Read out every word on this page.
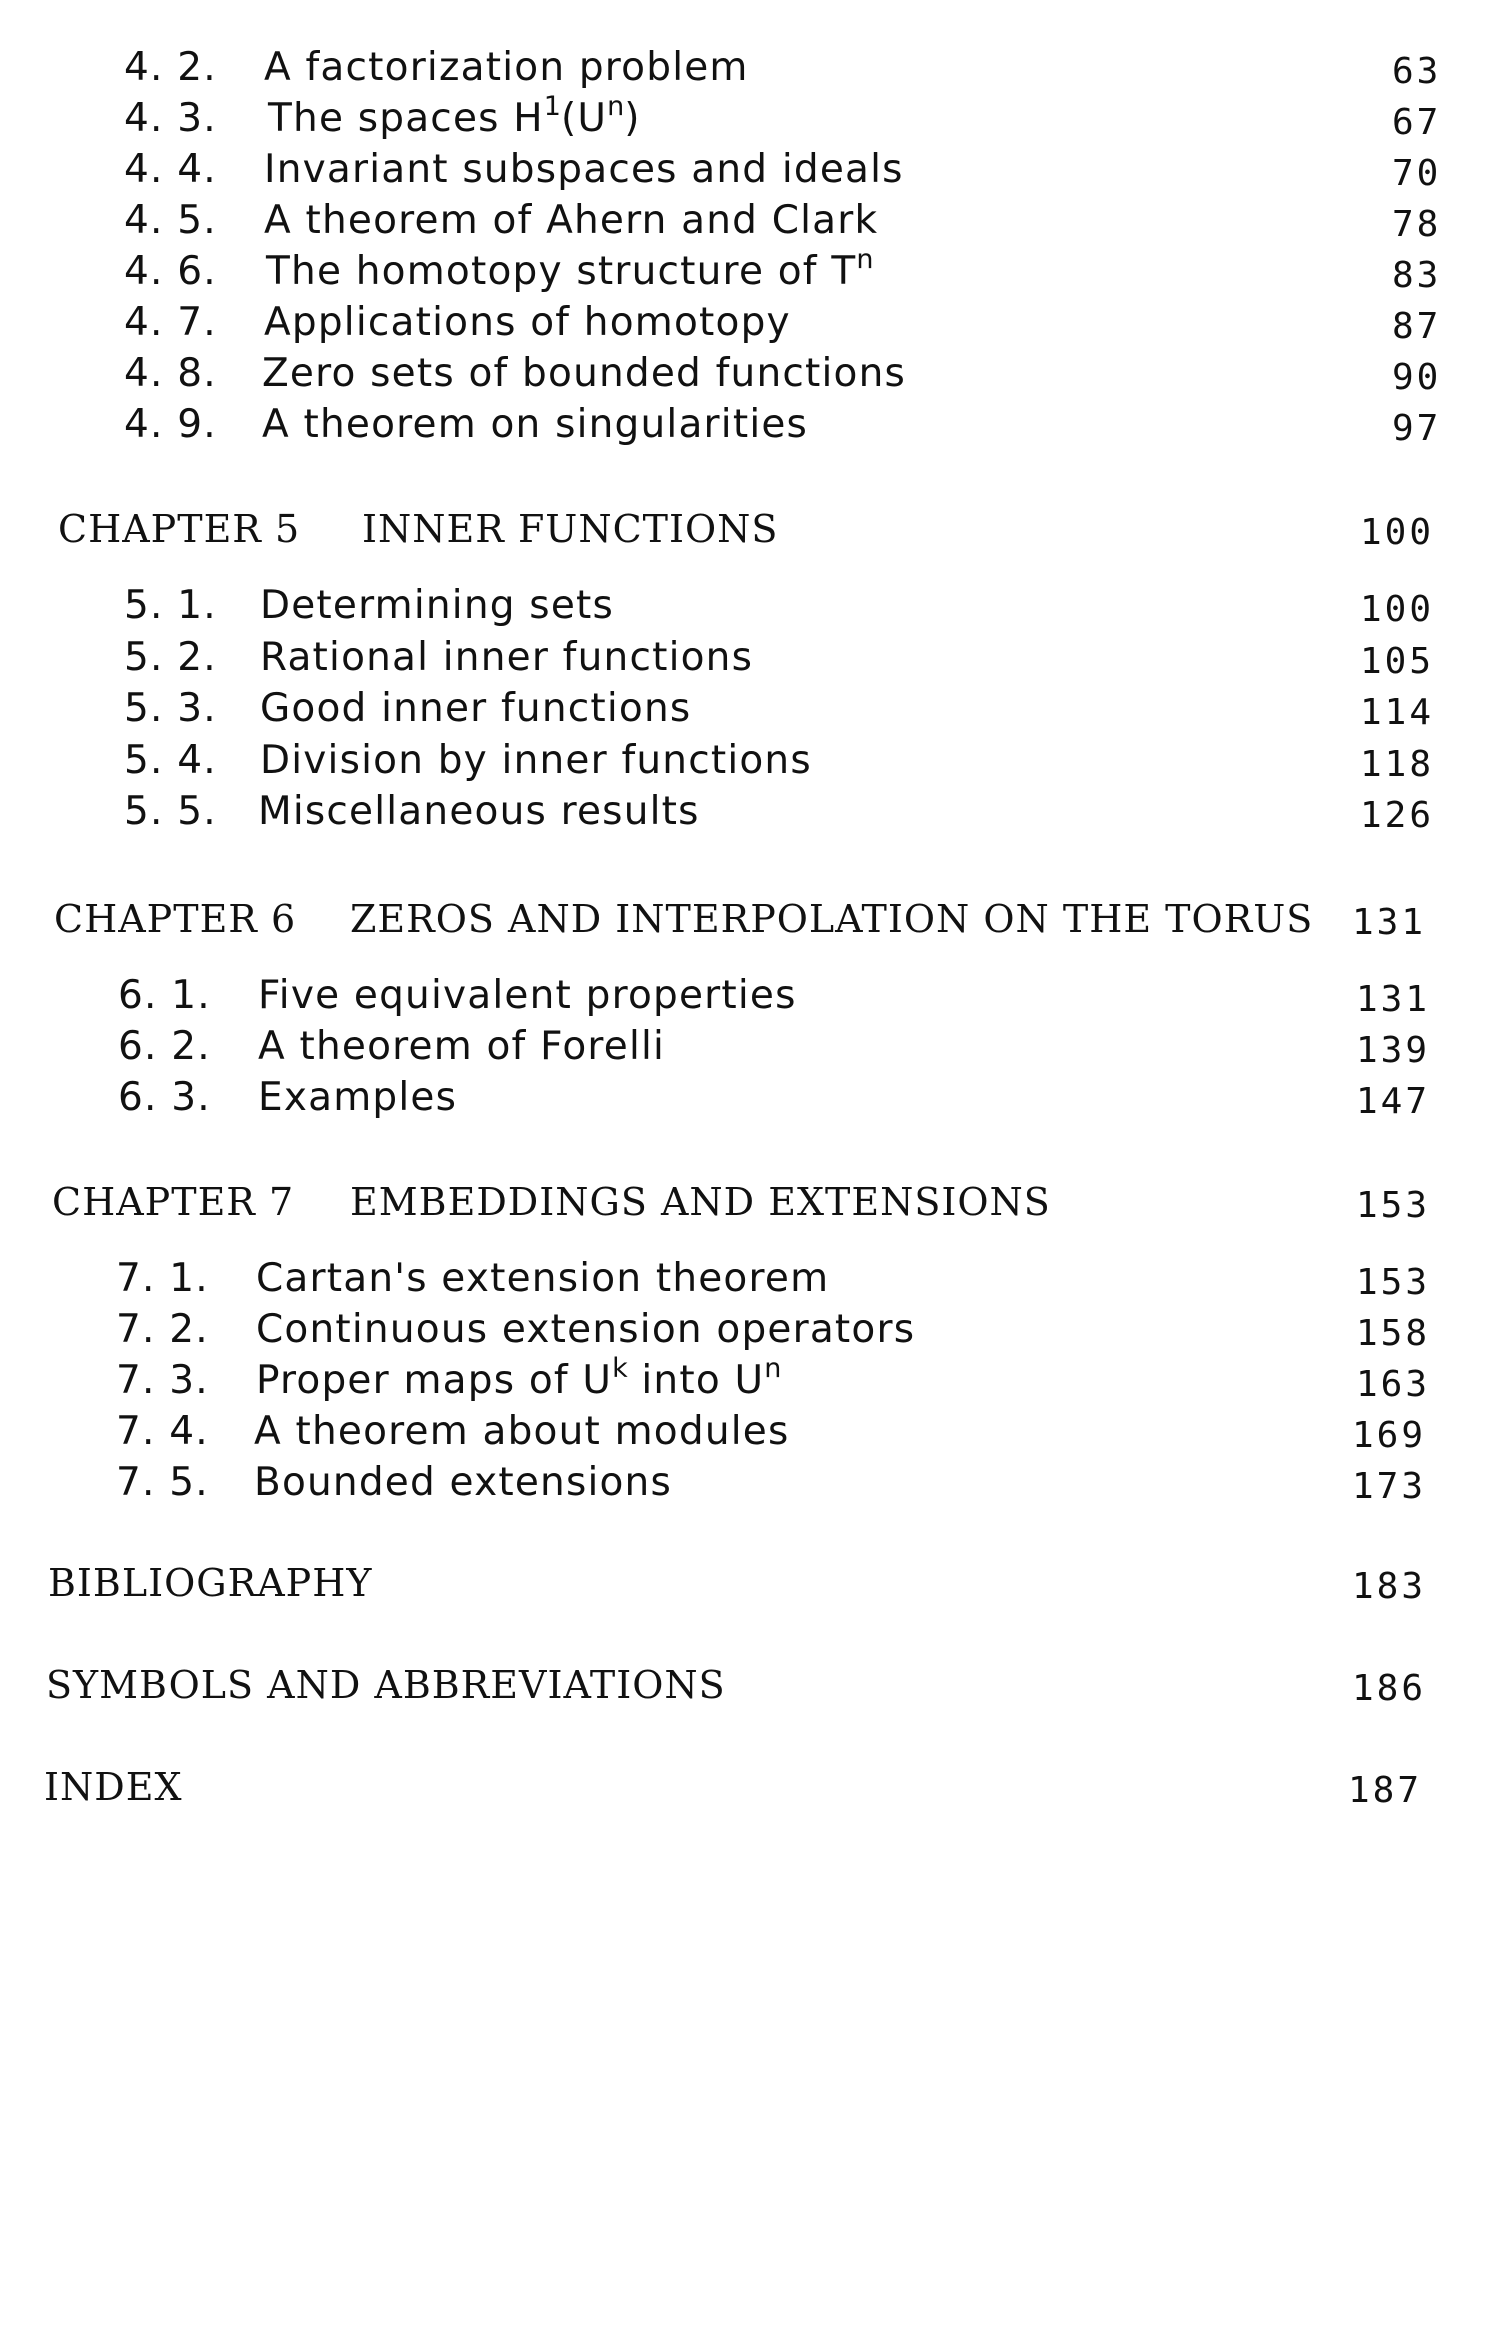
4. 2. A factorization problem	63
4. 3. The spaces $H^1(U^n)$	67
4. 4. Invariant subspaces and ideals	70
4. 5. A theorem of Ahern and Clark	78
4. 6. The homotopy structure of $T^n$	83
4. 7. Applications of homotopy	87
4. 8. Zero sets of bounded functions	90
4. 9. A theorem on singularities	97
CHAPTER 5 INNER FUNCTIONS	100
5. 1. Determining sets	100
5. 2. Rational inner functions	105
5. 3. Good inner functions	114
5. 4. Division by inner functions	118
5. 5. Miscellaneous results	126
CHAPTER 6 ZEROS AND INTERPOLATION ON THE TORUS 131
6. 1. Five equivalent properties	131
6. 2. A theorem of Forelli	139
6. 3. Examples	147
CHAPTER 7 EMBEDDINGS AND EXTENSIONS	153
7. 1. Cartan's extension theorem	153
7. 2. Continuous extension operators	158
7. 3. Proper maps of $U^k$ into $U^n$	163
7. 4. A theorem about modules	169
7. 5. Bounded extensions	173
BIBLIOGRAPHY	183
SYMBOLS AND ABBREVIATIONS	186
INDEX	187
